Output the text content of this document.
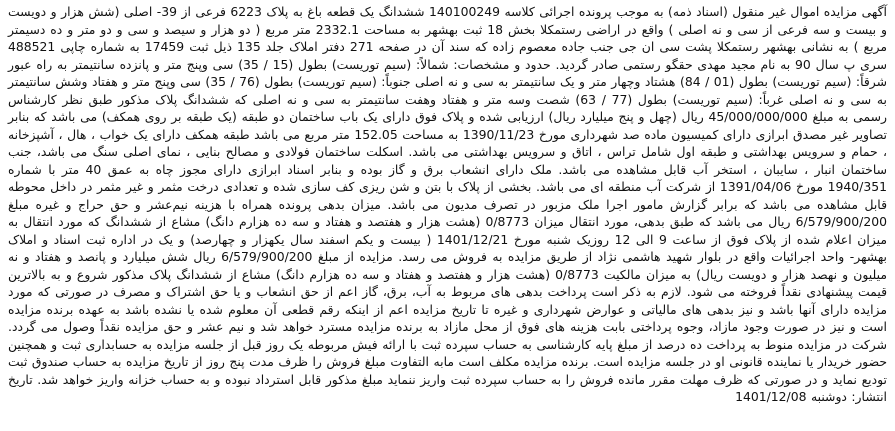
آگهی مزایده اموال غیر منقول (اسناد ذمه) به موجب پرونده اجرائی کلاسه 140100249 ششدانگ یک قطعه باغ به پلاک 6223 فرعی از 39- اصلی (شش هزار و دویست و بیست و سه فرعی از سی و نه اصلی ) واقع در اراضی رستمکلا بخش 18 ثبت بهشهر به مساحت 2332.1 متر مربع ( دو هزار و سیصد و سی و دو متر و ده دسیمتر مربع ) به نشانی بهشهر رستمکلا پشت سی ان جی جنب جاده معصوم زاده که سند آن در صفحه 271 دفتر املاک جلد 135 ذیل ثبت 17459 به شماره چاپی 488521 سری پ سال 90 به نام مجید مهدی حقگو رستمی صادر گردید. حدود و مشخصات: شمالاً: (سیم توریست) بطول (15 / 35) سی وپنج متر و پانزده سانتیمتر به راه عبور شرقاً: (سیم توریست) بطول (01 / 84) هشتاد وچهار متر و یک سانتیمتر به سی و نه اصلی جنوباً: (سیم توریست) بطول (76 / 35) سی وپنج متر و هفتاد وشش سانتیمتر به سی و نه اصلی غرباً: (سیم توریست) بطول (77 / 63) شصت وسه متر و هفتاد وهفت سانتیمتر به سی و نه اصلی که ششدانگ پلاک مذکور طبق نظر کارشناس رسمی به مبلغ 45/000/000/000 ریال (چهل و پنج میلیارد ریال) ارزیابی شده و پلاک فوق دارای یک باب ساختمان دو طبقه (یک طبقه بر روی همکف) می باشد که بنابر تصاویر غیر مصدق ابرازی دارای کمیسیون ماده صد شهرداری مورخ 1390/11/23 به مساحت 152.05 متر مربع می باشد طبقه همکف دارای یک خواب ، هال ، آشپزخانه ، حمام و سرویس بهداشتی و طبقه اول شامل تراس ، اتاق و سرویس بهداشتی می باشد. اسکلت ساختمان فولادی و مصالح بنایی ، نمای اصلی سنگ می باشد، جنب ساختمان انبار ، سایبان ، استخر آب قابل مشاهده می باشد. ملک دارای انشعاب برق و گاز بوده و بنابر اسناد ابرازی دارای مجوز چاه به عمق 40 متر با شماره 1940/351 مورخ 1391/04/06 از شرکت آب منطقه ای می باشد. بخشی از پلاک با بتن و شن ریزی کف سازی شده و تعدادی درخت مثمر و غیر مثمر در داخل محوطه قابل مشاهده می باشد که برابر گزارش مامور اجرا ملک مزبور در تصرف مدیون می باشد. میزان بدهی پرونده همراه با هزینه نیم‌عشر و حق حراج و غیره مبلغ 6/579/900/200 ریال می باشد که طبق بدهی، مورد انتقال میزان 0/8773 (هشت هزار و هفتصد و هفتاد و سه ده هزارم دانگ) مشاع از ششدانگ که مورد انتقال به میزان اعلام شده از پلاک فوق از ساعت 9 الی 12 روزیک شنبه مورخ 1401/12/21 ( بیست و یکم اسفند سال یکهزار و چهارصد) و یک در اداره ثبت اسناد و املاک بهشهر- واحد اجرائیات واقع در بلوار شهید هاشمی نژاد از طریق مزایده به فروش می رسد. مزایده از مبلغ 6/579/900/200 ریال شش میلیارد و پانصد و هفتاد و نه میلیون و نهصد هزار و دویست ریال) به میزان مالکیت 0/8773 (هشت هزار و هفتصد و هفتاد و سه ده هزارم دانگ) مشاع از ششدانگ پلاک مذکور شروع و به بالاترین قیمت پیشنهادی نقداً فروخته می شود. لازم به ذکر است پرداخت بدهی های مربوط به آب، برق، گاز اعم از حق انشعاب و یا حق اشتراک و مصرف در صورتی که مورد مزایده دارای آنها باشد و نیز بدهی های مالیاتی و عوارض شهرداری و غیره تا تاریخ مزایده اعم از اینکه رقم قطعی آن معلوم شده یا نشده باشد به عهده برنده مزایده است و نیز در صورت وجود مازاد، وجوه پرداختی بابت هزینه های فوق از محل مازاد به برنده مزایده مسترد خواهد شد و نیم عشر و حق مزایده نقداً وصول می گردد. شرکت در مزایده منوط به پرداخت ده درصد از مبلغ پایه کارشناسی به حساب سپرده ثبت با ارائه فیش مربوطه یک روز قبل از جلسه مزایده به حسابداری ثبت و همچنین حضور خریدار یا نماینده قانونی او در جلسه مزایده است. برنده مزایده مکلف است مابه التفاوت مبلغ فروش را ظرف مدت پنج روز از تاریخ مزایده به حساب صندوق ثبت تودیع نماید و در صورتی که ظرف مهلت مقرر مانده فروش را به حساب سپرده ثبت واریز ننماید مبلغ مذکور قابل استرداد نبوده و به حساب خزانه واریز خواهد شد. تاریخ انتشار: دوشنبه 1401/12/08
